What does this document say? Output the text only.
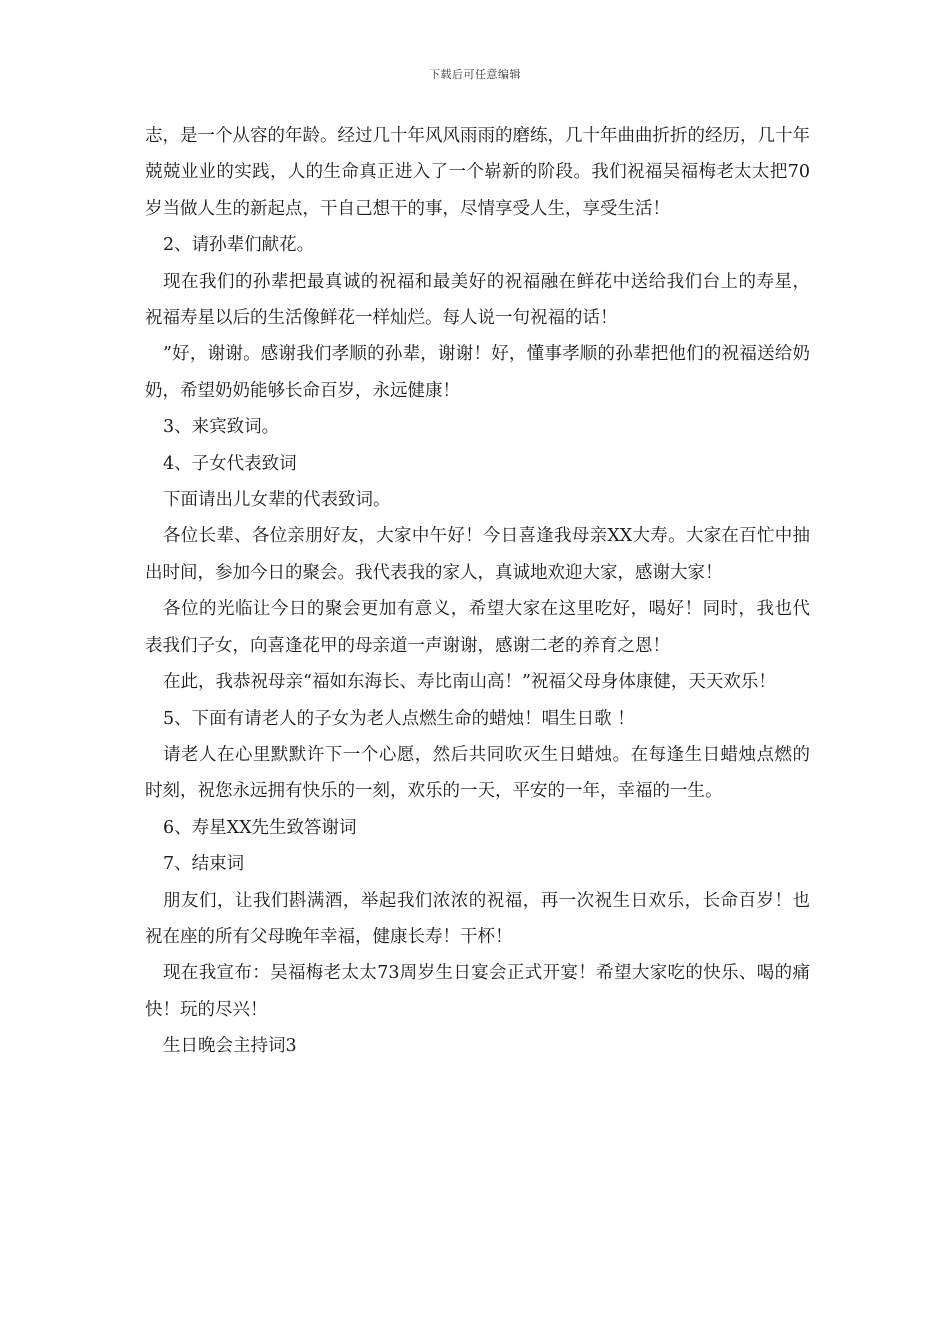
下载后可任意编辑

志，是一个从容的年龄。经过几十年风风雨雨的磨练，几十年曲曲折折的经历，几十年兢兢业业的实践，人的生命真正进入了一个崭新的阶段。我们祝福吴福梅老太太把70岁当做人生的新起点，干自己想干的事，尽情享受人生，享受生活！

2、请孙辈们献花。

现在我们的孙辈把最真诚的祝福和最美好的祝福融在鲜花中送给我们台上的寿星，祝福寿星以后的生活像鲜花一样灿烂。每人说一句祝福的话！

”好，谢谢。感谢我们孝顺的孙辈，谢谢！好，懂事孝顺的孙辈把他们的祝福送给奶奶，希望奶奶能够长命百岁，永远健康！

3、来宾致词。

4、子女代表致词

下面请出儿女辈的代表致词。

各位长辈、各位亲朋好友，大家中午好！今日喜逢我母亲XX大寿。大家在百忙中抽出时间，参加今日的聚会。我代表我的家人，真诚地欢迎大家，感谢大家！

各位的光临让今日的聚会更加有意义，希望大家在这里吃好，喝好！同时，我也代表我们子女，向喜逢花甲的母亲道一声谢谢，感谢二老的养育之恩！

在此，我恭祝母亲“福如东海长、寿比南山高！”祝福父母身体康健，天天欢乐！

5、下面有请老人的子女为老人点燃生命的蜡烛！唱生日歌 ！

请老人在心里默默许下一个心愿，然后共同吹灭生日蜡烛。在每逢生日蜡烛点燃的时刻，祝您永远拥有快乐的一刻，欢乐的一天，平安的一年，幸福的一生。

6、寿星XX先生致答谢词

7、结束词

朋友们，让我们斟满酒，举起我们浓浓的祝福，再一次祝生日欢乐，长命百岁！也祝在座的所有父母晚年幸福，健康长寿！干杯！

现在我宣布：吴福梅老太太73周岁生日宴会正式开宴！希望大家吃的快乐、喝的痛快！玩的尽兴！

生日晚会主持词3
